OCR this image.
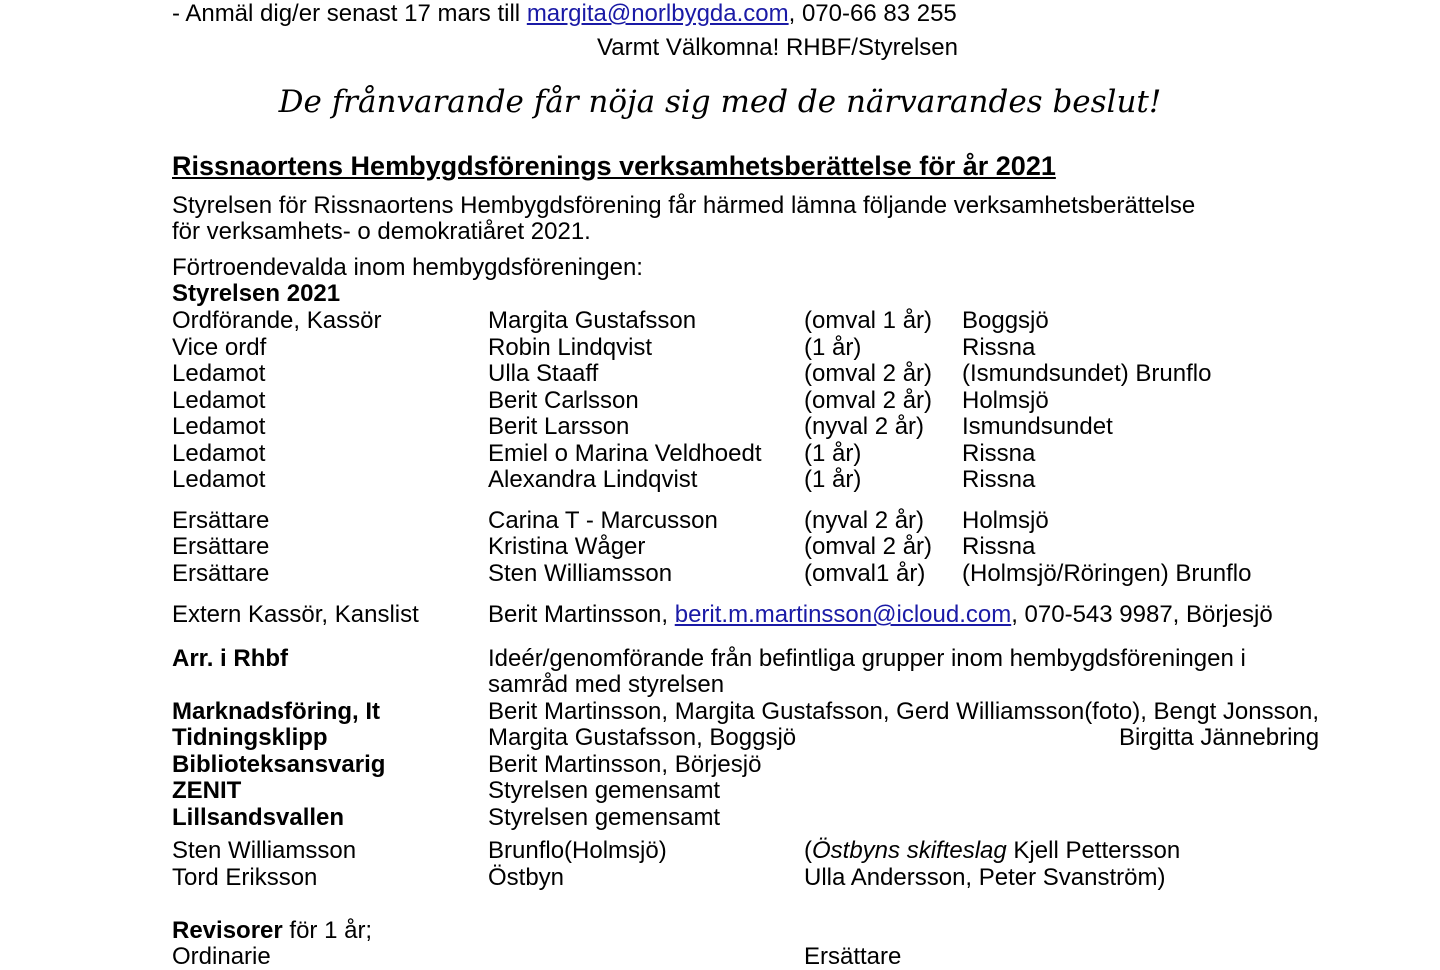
- Anmäl dig/er senast 17 mars till margita@norlbygda.com, 070-66 83 255
Varmt Välkomna! RHBF/Styrelsen
De frånvarande får nöja sig med de närvarandes beslut!
Rissnaortens Hembygdsförenings verksamhetsberättelse för år 2021
Styrelsen för Rissnaortens Hembygdsförening får härmed lämna följande verksamhetsberättelse
för verksamhets- o demokratiåret 2021.
Förtroendevalda inom hembygdsföreningen:
Styrelsen 2021
Ordförande, Kassör	Margita Gustafsson	(omval 1 år) Boggsjö
Vice ordf	Robin Lindqvist	(1 år)	Rissna
Ledamot	Ulla Staaff	(omval 2 år) (Ismundsundet) Brunflo
Ledamot	Berit Carlsson	(omval 2 år) Holmsjö
Ledamot	Berit Larsson	(nyval 2 år) Ismundsundet
Ledamot	Emiel o Marina Veldhoedt (1 år)	Rissna
Ledamot	Alexandra Lindqvist	(1 år)	Rissna
Ersättare	Carina T - Marcusson	(nyval 2 år) Holmsjö
Ersättare	Kristina Wåger	(omval 2 år) Rissna
Ersättare	Sten Williamsson	(omval1 år) (Holmsjö/Röringen) Brunflo
Extern Kassör, Kanslist	Berit Martinsson, berit.m.martinsson@icloud.com, 070-543 9987, Börjesjö
Arr. i Rhbf	Ideér/genomförande från befintliga grupper inom hembygdsföreningen i
samråd med styrelsen
Marknadsföring, It	Berit Martinsson, Margita Gustafsson, Gerd Williamsson(foto), Bengt Jonsson,
Tidningsklipp	Margita Gustafsson, Boggsjö	Birgitta Jännebring
Biblioteksansvarig	Berit Martinsson, Börjesjö
ZENIT	Styrelsen gemensamt
Lillsandsvallen	Styrelsen gemensamt
Sten Williamsson	Brunflo(Holmsjö)	(Östbyns skifteslag Kjell Pettersson
Tord Eriksson	Östbyn	Ulla Andersson, Peter Svanström)
Revisorer för 1 år;
Ordinarie	Ersättare
